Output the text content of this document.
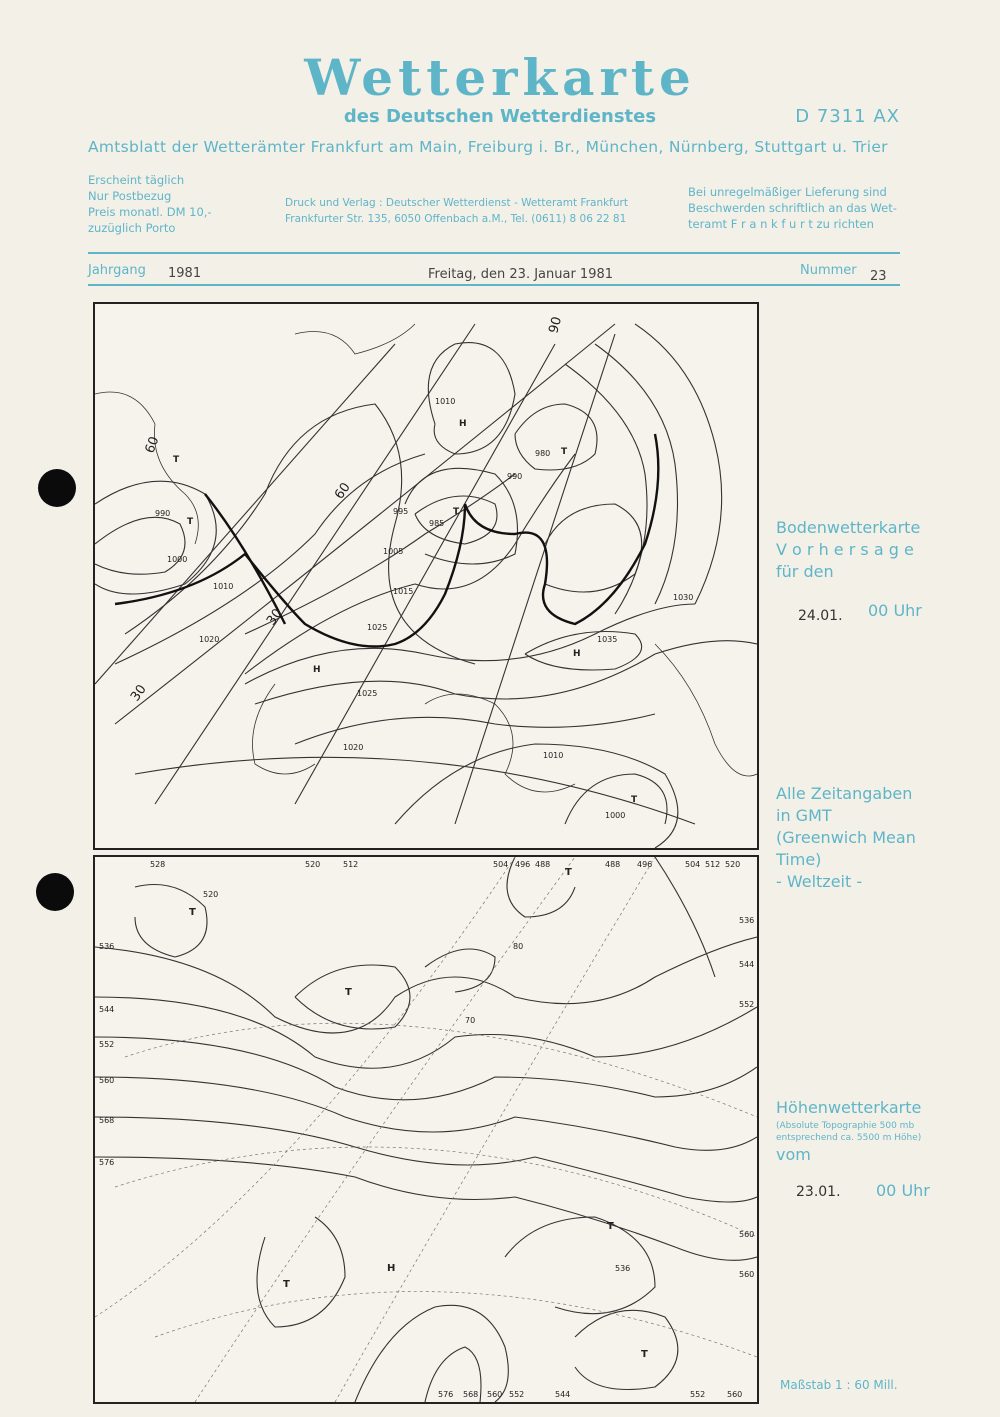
Wetterkarte
des Deutschen Wetterdienstes	D 7311 AX
Amtsblatt der Wetterämter Frankfurt am Main, Freiburg i. Br., München, Nürnberg, Stuttgart u. Trier
Erscheint täglich
Nur Postbezug
Preis monatl. DM 10,-
zuzüglich Porto
Druck und Verlag : Deutscher Wetterdienst - Wetteramt Frankfurt
Frankfurter Str. 135, 6050 Offenbach a.M., Tel. (0611) 8 06 22 81
Bei unregelmäßiger Lieferung sind
Beschwerden schriftlich an das Wet-
teramt F r a n k f u r t zu richten
Jahrgang 1981	Freitag, den 23. Januar 1981	Nummer 23
1010
980
990
990
995
985
1000
1005
1010
1015
1020
1025
1030
1025
1035
1020
1010
1000
T
T
T
H
H
H
T
T
60
60
30
30
90
528	520	512	504 496 488	488 496	504 512 520
536
544
552
560
568
576
536
544
552
560
560
576 568 560 552	544	552	560
520
536
70
80
T
T
T
T
T
T
H
Bodenwetterkarte
V o r h e r s a g e
für den
24.01. 00 Uhr
Alle Zeitangaben
in GMT
(Greenwich Mean
Time)
- Weltzeit -
Höhenwetterkarte
(Absolute Topographie 500 mb
entsprechend ca. 5500 m Höhe)
vom
23.01. 00 Uhr
Maßstab 1 : 60 Mill.
